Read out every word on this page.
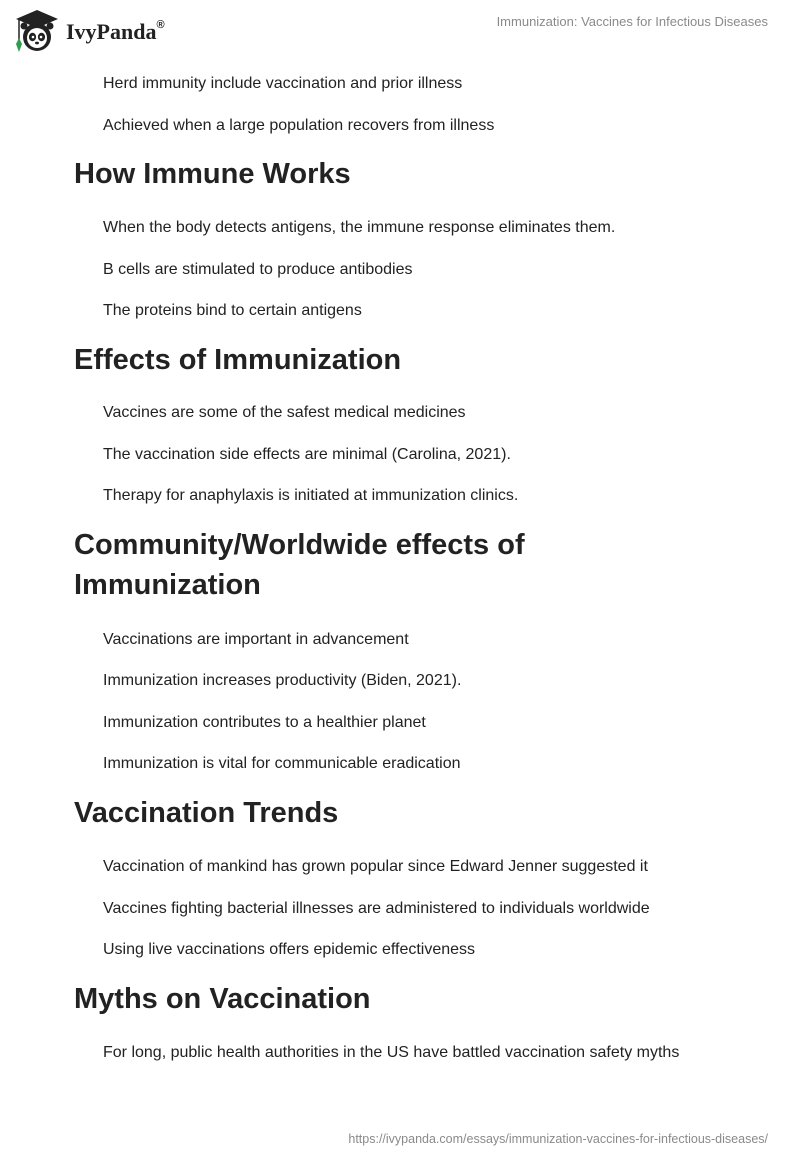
IvyPanda®	Immunization: Vaccines for Infectious Diseases
Herd immunity include vaccination and prior illness
Achieved when a large population recovers from illness
How Immune Works
When the body detects antigens, the immune response eliminates them.
B cells are stimulated to produce antibodies
The proteins bind to certain antigens
Effects of Immunization
Vaccines are some of the safest medical medicines
The vaccination side effects are minimal (Carolina, 2021).
Therapy for anaphylaxis is initiated at immunization clinics.
Community/Worldwide effects of
Immunization
Vaccinations are important in advancement
Immunization increases productivity (Biden, 2021).
Immunization contributes to a healthier planet
Immunization is vital for communicable eradication
Vaccination Trends
Vaccination of mankind has grown popular since Edward Jenner suggested it
Vaccines fighting bacterial illnesses are administered to individuals worldwide
Using live vaccinations offers epidemic effectiveness
Myths on Vaccination
For long, public health authorities in the US have battled vaccination safety myths
https://ivypanda.com/essays/immunization-vaccines-for-infectious-diseases/
